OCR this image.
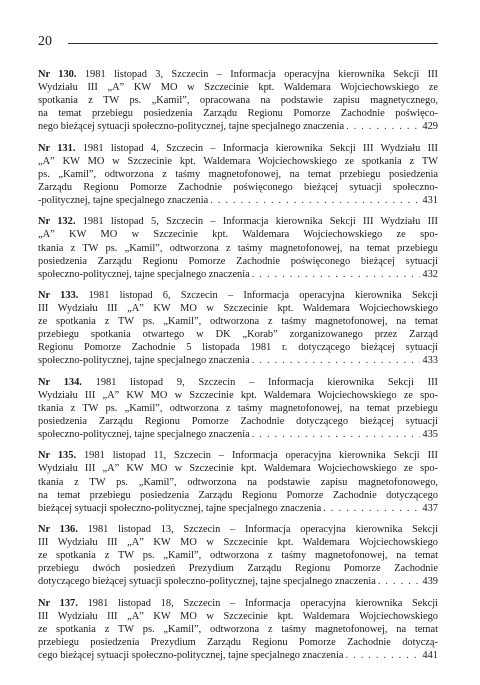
20
Nr 130. 1981 listopad 3, Szczecin – Informacja operacyjna kierownika Sekcji III
Wydziału III „A” KW MO w Szczecinie kpt. Waldemara Wojciechowskiego ze
spotkania z TW ps. „Kamil”, opracowana na podstawie zapisu magnetycznego,
na temat przebiegu posiedzenia Zarządu Regionu Pomorze Zachodnie poświęco-
nego bieżącej sytuacji społeczno-politycznej, tajne specjalnego znaczenia . . .	429
Nr 131. 1981 listopad 4, Szczecin – Informacja kierownika Sekcji III Wydziału III
„A” KW MO w Szczecinie kpt. Waldemara Wojciechowskiego ze spotkania z TW
ps. „Kamil”, odtworzona z taśmy magnetofonowej, na temat przebiegu posiedzenia
Zarządu Regionu Pomorze Zachodnie poświęconego bieżącej sytuacji społeczno-
-politycznej, tajne specjalnego znaczenia . . .	431
Nr 132. 1981 listopad 5, Szczecin – Informacja kierownika Sekcji III Wydziału III
„A” KW MO w Szczecinie kpt. Waldemara Wojciechowskiego ze spo-
tkania z TW ps. „Kamil”, odtworzona z taśmy magnetofonowej, na temat przebiegu
posiedzenia Zarządu Regionu Pomorze Zachodnie poświęconego bieżącej sytuacji
społeczno-politycznej, tajne specjalnego znaczenia . . .	432
Nr 133. 1981 listopad 6, Szczecin – Informacja operacyjna kierownika Sekcji
III Wydziału III „A” KW MO w Szczecinie kpt. Waldemara Wojciechowskiego
ze spotkania z TW ps. „Kamil”, odtworzona z taśmy magnetofonowej, na temat
przebiegu spotkania otwartego w DK „Korab” zorganizowanego przez Zarząd
Regionu Pomorze Zachodnie 5 listopada 1981 r. dotyczącego bieżącej sytuacji
społeczno-politycznej, tajne specjalnego znaczenia . . .	433
Nr 134. 1981 listopad 9, Szczecin – Informacja kierownika Sekcji III
Wydziału III „A” KW MO w Szczecinie kpt. Waldemara Wojciechowskiego ze spo-
tkania z TW ps. „Kamil”, odtworzona z taśmy magnetofonowej, na temat przebiegu
posiedzenia Zarządu Regionu Pomorze Zachodnie dotyczącego bieżącej sytuacji
społeczno-politycznej, tajne specjalnego znaczenia . . .	435
Nr 135. 1981 listopad 11, Szczecin – Informacja operacyjna kierownika Sekcji III
Wydziału III „A” KW MO w Szczecinie kpt. Waldemara Wojciechowskiego ze spo-
tkania z TW ps. „Kamil”, odtworzona na podstawie zapisu magnetofonowego,
na temat przebiegu posiedzenia Zarządu Regionu Pomorze Zachodnie dotyczącego
bieżącej sytuacji społeczno-politycznej, tajne specjalnego znaczenia . . .	437
Nr 136. 1981 listopad 13, Szczecin – Informacja operacyjna kierownika Sekcji
III Wydziału III „A” KW MO w Szczecinie kpt. Waldemara Wojciechowskiego
ze spotkania z TW ps. „Kamil”, odtworzona z taśmy magnetofonowej, na temat
przebiegu dwóch posiedzeń Prezydium Zarządu Regionu Pomorze Zachodnie
dotyczącego bieżącej sytuacji społeczno-politycznej, tajne specjalnego znaczenia . . .	439
Nr 137. 1981 listopad 18, Szczecin – Informacja operacyjna kierownika Sekcji
III Wydziału III „A” KW MO w Szczecinie kpt. Waldemara Wojciechowskiego
ze spotkania z TW ps. „Kamil”, odtworzona z taśmy magnetofonowej, na temat
przebiegu posiedzenia Prezydium Zarządu Regionu Pomorze Zachodnie dotyczą-
cego bieżącej sytuacji społeczno-politycznej, tajne specjalnego znaczenia . . .	441
